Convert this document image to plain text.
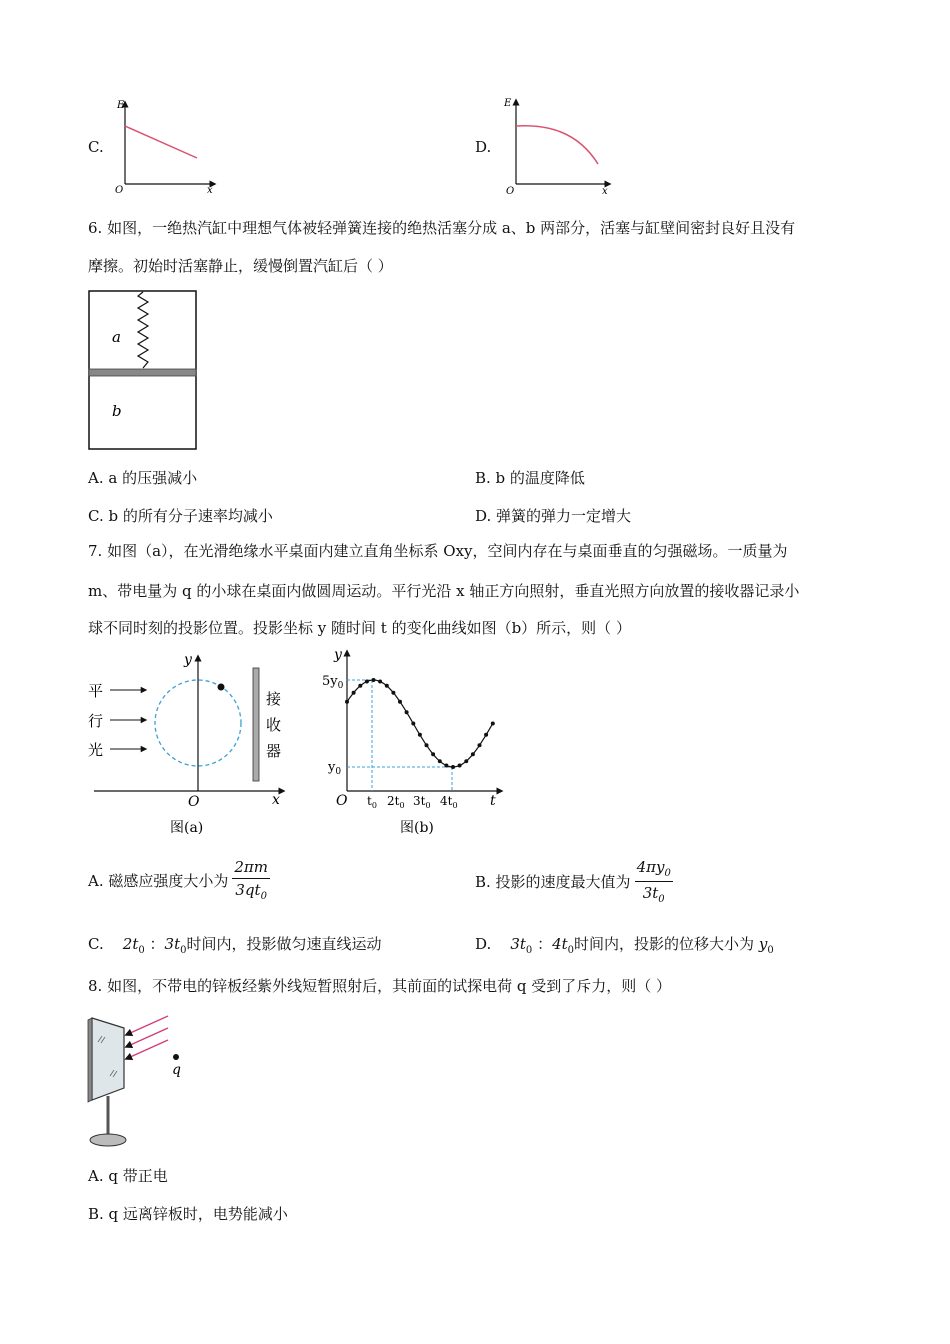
C.
E
x
O
D.
E
x
O
6. 如图，一绝热汽缸中理想气体被轻弹簧连接的绝热活塞分成 a、b 两部分，活塞与缸壁间密封良好且没有
摩擦。初始时活塞静止，缓慢倒置汽缸后（ ）
a
b
A. a 的压强减小	B. b 的温度降低
C. b 的所有分子速率均减小	D. 弹簧的弹力一定增大
7. 如图（a），在光滑绝缘水平桌面内建立直角坐标系 Oxy，空间内存在与桌面垂直的匀强磁场。一质量为
m、带电量为 q 的小球在桌面内做圆周运动。平行光沿 x 轴正方向照射，垂直光照方向放置的接收器记录小
球不同时刻的投影位置。投影坐标 y 随时间 t 的变化曲线如图（b）所示，则（ ）
y
x
O
平
行
光
接
收
器
图(a)
y
t
O
$5y_0$
$y_0$
$t_0$ $2t_0$ $3t_0$ $4t_0$
图(b)
A. 磁感应强度大小为 $\frac{2\pi m}{3qt_0}$	B. 投影的速度最大值为 $\frac{4\pi y_0}{3t_0}$
C. $2t_0$ ：$3t_0$时间内，投影做匀速直线运动	D. $3t_0$ ：$4t_0$时间内，投影的位移大小为 $y_0$
8. 如图，不带电的锌板经紫外线短暂照射后，其前面的试探电荷 q 受到了斥力，则（ ）
q
A. q 带正电
B. q 远离锌板时，电势能减小
